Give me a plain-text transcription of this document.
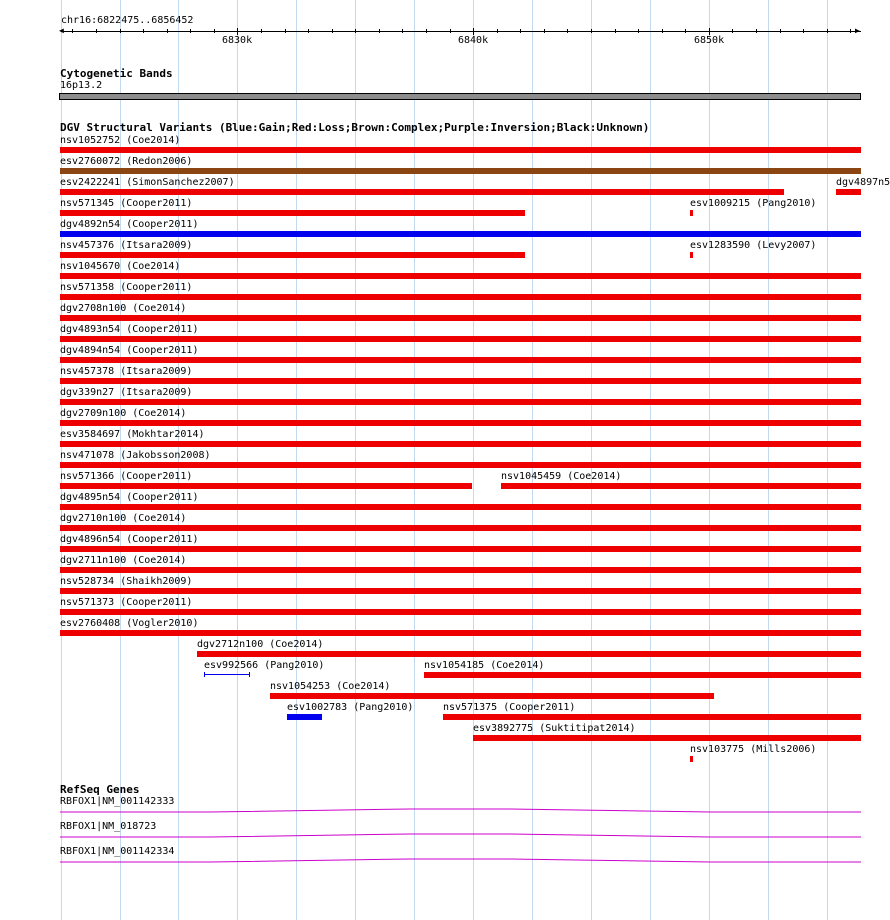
chr16:6822475..6856452
◀	▶
6830k	6840k	6850k
Cytogenetic Bands
16p13.2
DGV Structural Variants (Blue:Gain;Red:Loss;Brown:Complex;Purple:Inversion;Black:Unknown)
nsv1052752 (Coe2014)
esv2760072 (Redon2006)
esv2422241 (SimonSanchez2007)	dgv4897n5
nsv571345 (Cooper2011)	esv1009215 (Pang2010)
dgv4892n54 (Cooper2011)
nsv457376 (Itsara2009)	esv1283590 (Levy2007)
nsv1045670 (Coe2014)
nsv571358 (Cooper2011)
dgv2708n100 (Coe2014)
dgv4893n54 (Cooper2011)
dgv4894n54 (Cooper2011)
nsv457378 (Itsara2009)
dgv339n27 (Itsara2009)
dgv2709n100 (Coe2014)
esv3584697 (Mokhtar2014)
nsv471078 (Jakobsson2008)
nsv571366 (Cooper2011)	nsv1045459 (Coe2014)
dgv4895n54 (Cooper2011)
dgv2710n100 (Coe2014)
dgv4896n54 (Cooper2011)
dgv2711n100 (Coe2014)
nsv528734 (Shaikh2009)
nsv571373 (Cooper2011)
esv2760408 (Vogler2010)
dgv2712n100 (Coe2014)
esv992566 (Pang2010)	nsv1054185 (Coe2014)
nsv1054253 (Coe2014)
esv1002783 (Pang2010)	nsv571375 (Cooper2011)
esv3892775 (Suktitipat2014)
nsv103775 (Mills2006)
RefSeq Genes
RBFOX1|NM_001142333
RBFOX1|NM_018723
RBFOX1|NM_001142334
